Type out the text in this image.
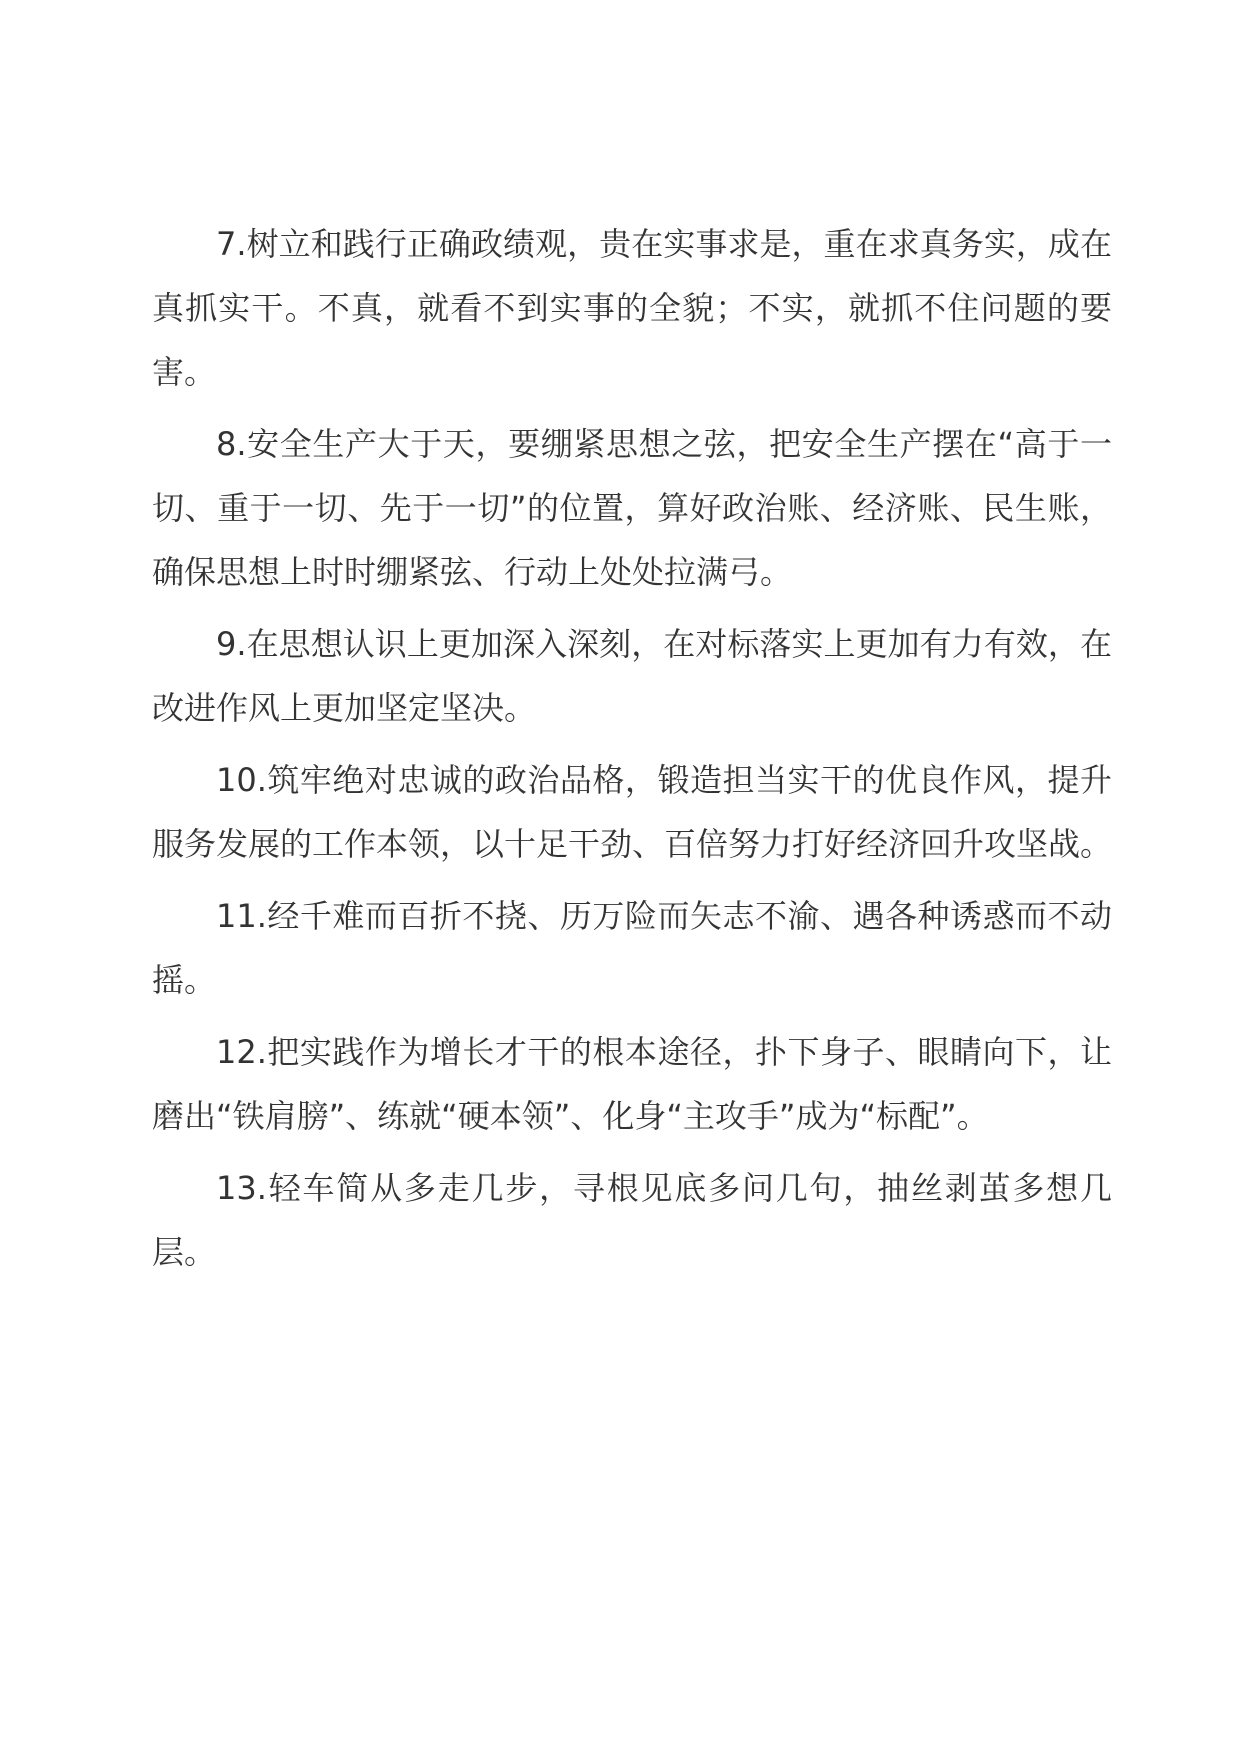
7.树立和践行正确政绩观，贵在实事求是，重在求真务实，成在真抓实干。不真，就看不到实事的全貌；不实，就抓不住问题的要害。

8.安全生产大于天，要绷紧思想之弦，把安全生产摆在“高于一切、重于一切、先于一切”的位置，算好政治账、经济账、民生账，确保思想上时时绷紧弦、行动上处处拉满弓。

9.在思想认识上更加深入深刻，在对标落实上更加有力有效，在改进作风上更加坚定坚决。

10.筑牢绝对忠诚的政治品格，锻造担当实干的优良作风，提升服务发展的工作本领，以十足干劲、百倍努力打好经济回升攻坚战。

11.经千难而百折不挠、历万险而矢志不渝、遇各种诱惑而不动摇。

12.把实践作为增长才干的根本途径，扑下身子、眼睛向下，让磨出“铁肩膀”、练就“硬本领”、化身“主攻手”成为“标配”。

13.轻车简从多走几步，寻根见底多问几句，抽丝剥茧多想几层。
